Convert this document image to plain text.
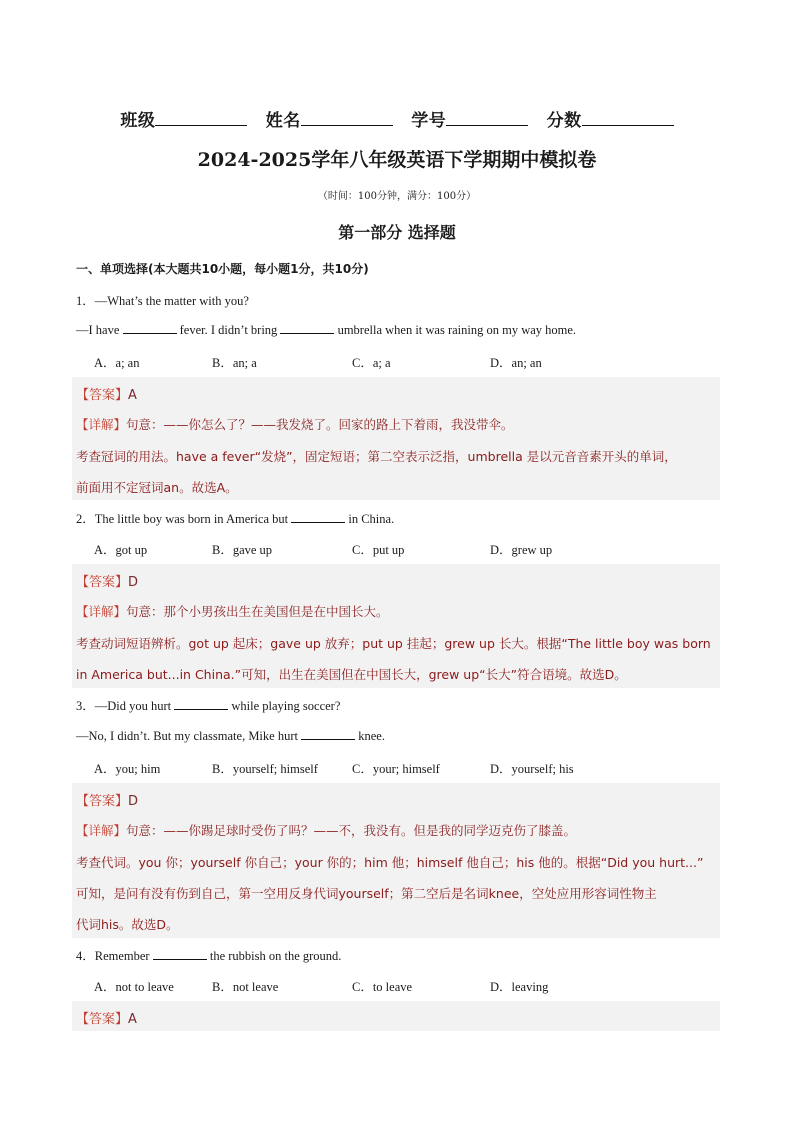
班级	姓名	学号	分数
2024-2025学年八年级英语下学期期中模拟卷
（时间：100分钟，满分：100分）
第一部分 选择题
一、单项选择(本大题共10小题，每小题1分，共10分)
1．—What’s the matter with you?
—I have	fever. I didn’t bring	umbrella when it was raining on my way home.
A．a; an	B．an; a	C．a; a	D．an; an
【答案】A
【详解】句意：——你怎么了？——我发烧了。回家的路上下着雨，我没带伞。
考查冠词的用法。have a fever“发烧”，固定短语；第二空表示泛指，umbrella 是以元音音素开头的单词，
前面用不定冠词an。故选A。
2．The little boy was born in America but	in China.
A．got up	B．gave up	C．put up	D．grew up
【答案】D
【详解】句意：那个小男孩出生在美国但是在中国长大。
考查动词短语辨析。got up 起床；gave up 放弃；put up 挂起；grew up 长大。根据“The little boy was born
in America but...in China.”可知，出生在美国但在中国长大，grew up“长大”符合语境。故选D。
3．—Did you hurt	while playing soccer?
—No, I didn’t. But my classmate, Mike hurt	knee.
A．you; him	B．yourself; himself	C．your; himself	D．yourself; his
【答案】D
【详解】句意：——你踢足球时受伤了吗？——不，我没有。但是我的同学迈克伤了膝盖。
考查代词。you 你；yourself 你自己；your 你的；him 他；himself 他自己；his 他的。根据“Did you hurt...”
可知，是问有没有伤到自己，第一空用反身代词yourself；第二空后是名词knee，空处应用形容词性物主
代词his。故选D。
4．Remember	the rubbish on the ground.
A．not to leave	B．not leave	C．to leave	D．leaving
【答案】A
